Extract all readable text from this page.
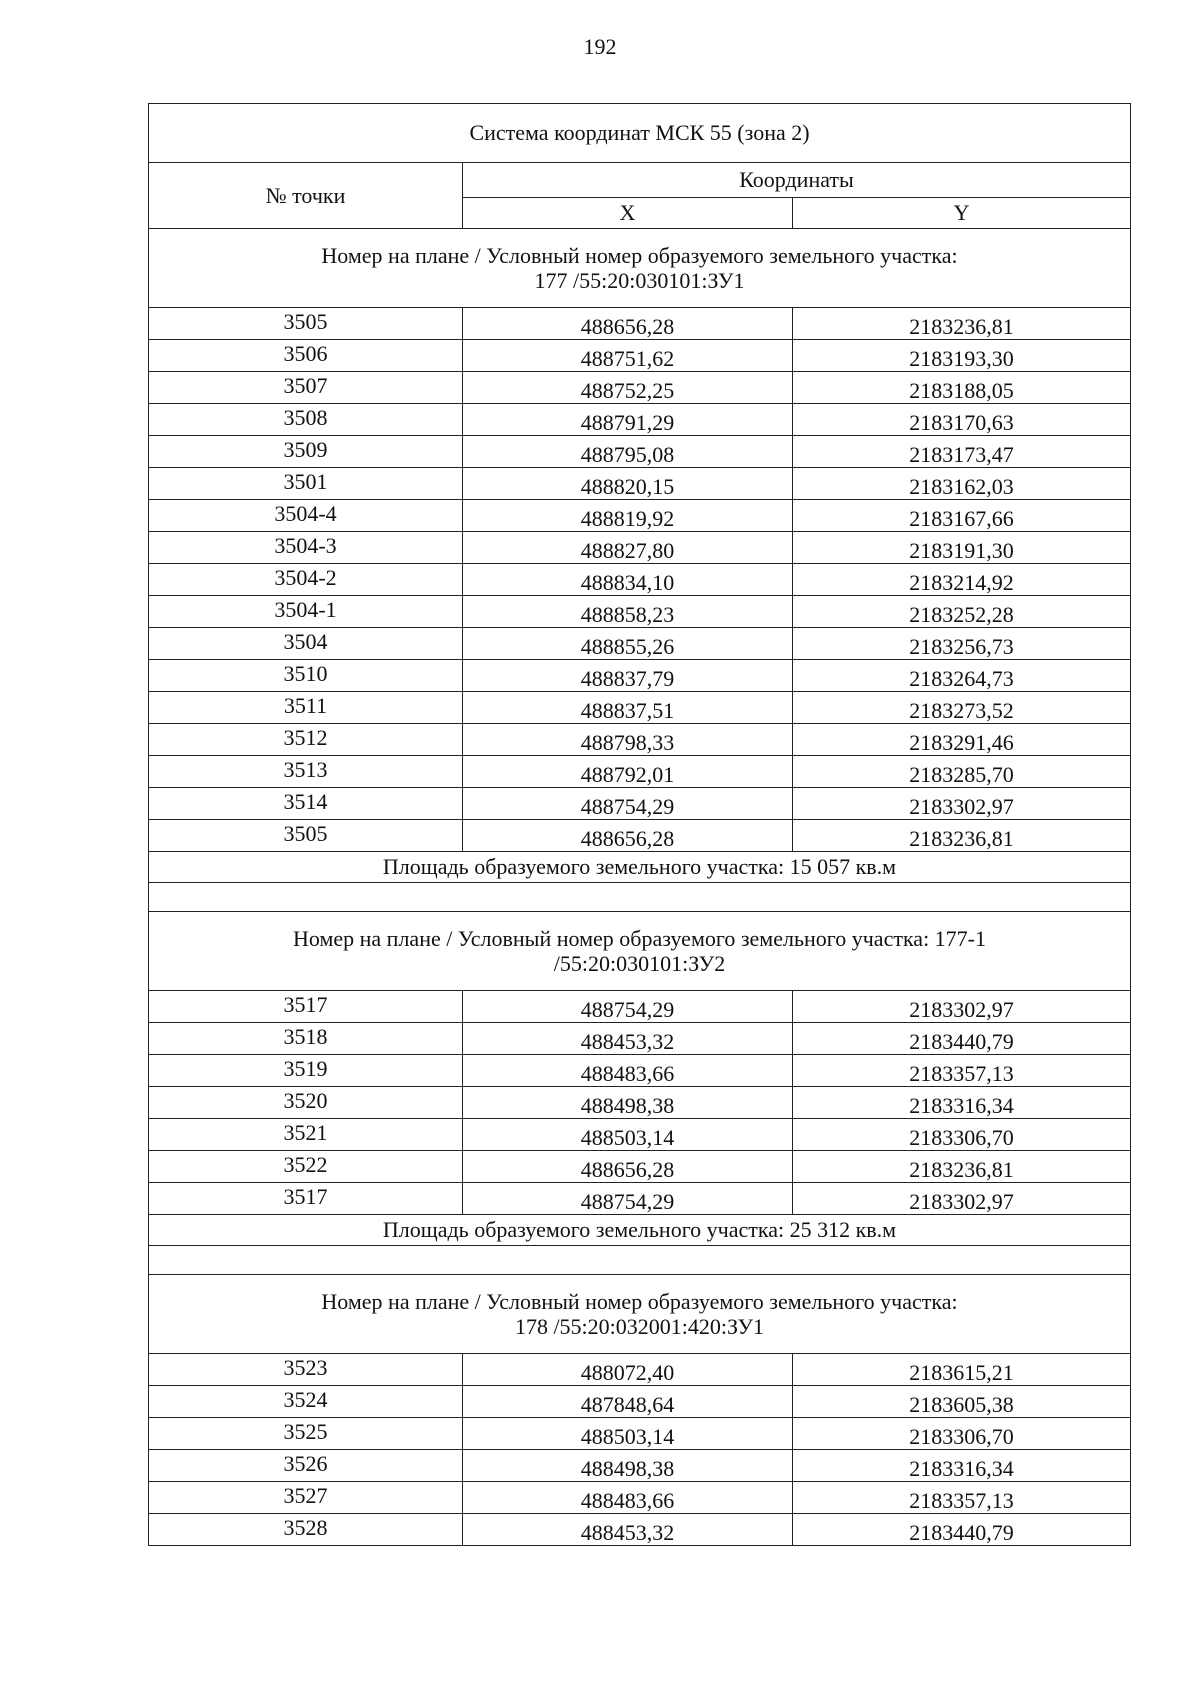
192
Система координат МСК 55 (зона 2)		
№ точки	Координаты	
	X	Y

Номер на плане / Условный номер образуемого земельного участка:
177 /55:20:030101:ЗУ1		

3505	488656,28	2183236,81
3506	488751,62	2183193,30
3507	488752,25	2183188,05
3508	488791,29	2183170,63
3509	488795,08	2183173,47
3501	488820,15	2183162,03
3504-4	488819,92	2183167,66
3504-3	488827,80	2183191,30
3504-2	488834,10	2183214,92
3504-1	488858,23	2183252,28
3504	488855,26	2183256,73
3510	488837,79	2183264,73
3511	488837,51	2183273,52
3512	488798,33	2183291,46
3513	488792,01	2183285,70
3514	488754,29	2183302,97
3505	488656,28	2183236,81
Площадь образуемого земельного участка: 15 057 кв.м		

Номер на плане / Условный номер образуемого земельного участка: 177-1
/55:20:030101:ЗУ2		

3517	488754,29	2183302,97
3518	488453,32	2183440,79
3519	488483,66	2183357,13
3520	488498,38	2183316,34
3521	488503,14	2183306,70
3522	488656,28	2183236,81
3517	488754,29	2183302,97
Площадь образуемого земельного участка: 25 312 кв.м		

Номер на плане / Условный номер образуемого земельного участка:
178 /55:20:032001:420:ЗУ1		

3523	488072,40	2183615,21
3524	487848,64	2183605,38
3525	488503,14	2183306,70
3526	488498,38	2183316,34
3527	488483,66	2183357,13
3528	488453,32	2183440,79
